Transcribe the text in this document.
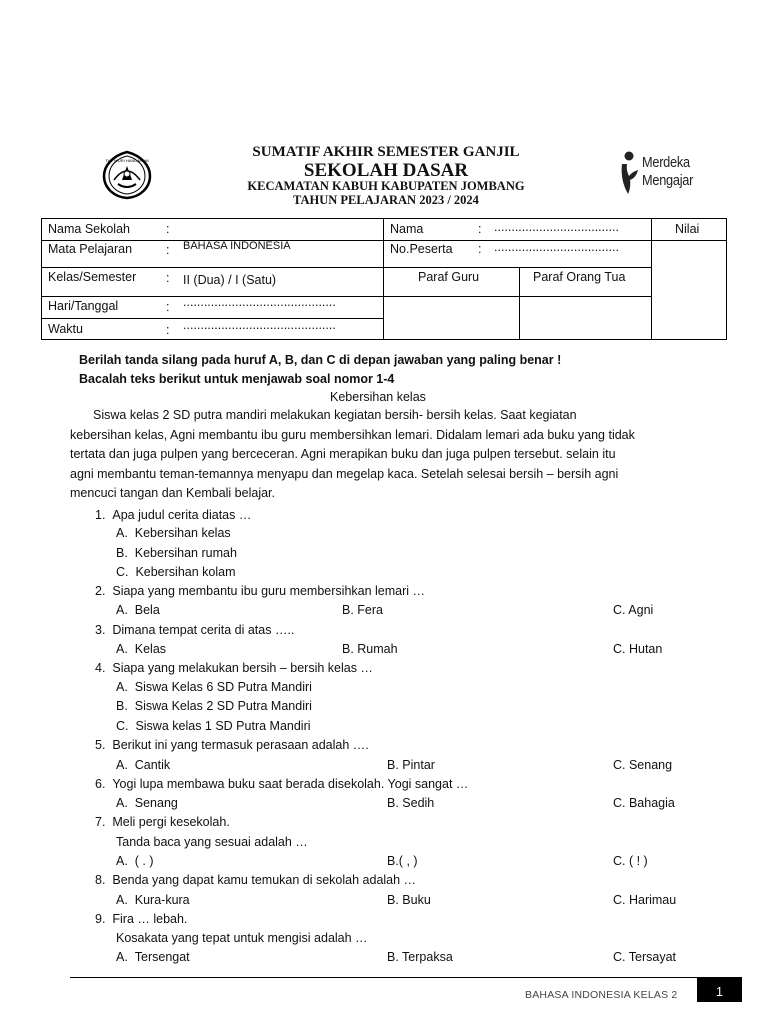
SUMATIF AKHIR SEMESTER GANJIL
SEKOLAH DASAR
KECAMATAN KABUH KABUPATEN JOMBANG
TAHUN PELAJARAN 2023 / 2024
TUT WURI HANDAYANI	Merdeka
Mengajar
Nama Sekolah	:
Mata Pelajaran	: BAHASA INDONESIA
Kelas/Semester : II (Dua) / I (Satu)
Hari/Tanggal	: ............................................
Waktu	: ............................................
Nama	: ....................................
No.Peserta : ....................................
Paraf Guru	Paraf Orang Tua
Nilai
Berilah tanda silang pada huruf A, B, dan C di depan jawaban yang paling benar !
Bacalah teks berikut untuk menjawab soal nomor 1-4
Kebersihan kelas
Siswa kelas 2 SD putra mandiri melakukan kegiatan bersih- bersih kelas. Saat kegiatan
kebersihan kelas, Agni membantu ibu guru membersihkan lemari. Didalam lemari ada buku yang tidak
tertata dan juga pulpen yang berceceran. Agni merapikan buku dan juga pulpen tersebut. selain itu
agni membantu teman-temannya menyapu dan megelap kaca. Setelah selesai bersih – bersih agni
mencuci tangan dan Kembali belajar.
1.  Apa judul cerita diatas …
A.  Kebersihan kelas
B.  Kebersihan rumah
C.  Kebersihan kolam
2.  Siapa yang membantu ibu guru membersihkan lemari …
A.  Bela	B. Fera	C. Agni
3.  Dimana tempat cerita di atas …..
A.  Kelas	B. Rumah	C. Hutan
4.  Siapa yang melakukan bersih – bersih kelas …
A.  Siswa Kelas 6 SD Putra Mandiri
B.  Siswa Kelas 2 SD Putra Mandiri
C.  Siswa kelas 1 SD Putra Mandiri
5.  Berikut ini yang termasuk perasaan adalah ….
A.  Cantik	B. Pintar	C. Senang
6.  Yogi lupa membawa buku saat berada disekolah. Yogi sangat …
A.  Senang	B. Sedih	C. Bahagia
7.  Meli pergi kesekolah.
Tanda baca yang sesuai adalah …
A.  ( . )	B.( , )	C. ( ! )
8.  Benda yang dapat kamu temukan di sekolah adalah …
A.  Kura-kura	B. Buku	C. Harimau
9.  Fira … lebah.
Kosakata yang tepat untuk mengisi adalah …
A.  Tersengat	B. Terpaksa	C. Tersayat
BAHASA INDONESIA KELAS 2	1
